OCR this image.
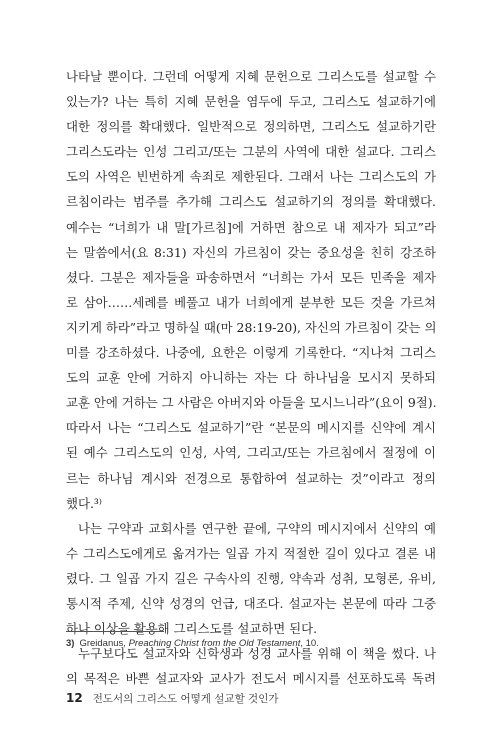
나타날 뿐이다. 그런데 어떻게 지혜 문헌으로 그리스도를 설교할 수
있는가? 나는 특히 지혜 문헌을 염두에 두고, 그리스도 설교하기에
대한 정의를 확대했다. 일반적으로 정의하면, 그리스도 설교하기란
그리스도라는 인성 그리고/또는 그분의 사역에 대한 설교다. 그리스
도의 사역은 빈번하게 속죄로 제한된다. 그래서 나는 그리스도의 가
르침이라는 범주를 추가해 그리스도 설교하기의 정의를 확대했다.
예수는 “너희가 내 말[가르침]에 거하면 참으로 내 제자가 되고”라
는 말씀에서(요 8:31) 자신의 가르침이 갖는 중요성을 친히 강조하
셨다. 그분은 제자들을 파송하면서 “너희는 가서 모든 민족을 제자
로 삼아……세례를 베풀고 내가 너희에게 분부한 모든 것을 가르쳐
지키게 하라”라고 명하실 때(마 28:19-20), 자신의 가르침이 갖는 의
미를 강조하셨다. 나중에, 요한은 이렇게 기록한다. “지나쳐 그리스
도의 교훈 안에 거하지 아니하는 자는 다 하나님을 모시지 못하되
교훈 안에 거하는 그 사람은 아버지와 아들을 모시느니라”(요이 9절).
따라서 나는 “그리스도 설교하기”란 “본문의 메시지를 신약에 계시
된 예수 그리스도의 인성, 사역, 그리고/또는 가르침에서 절정에 이
르는 하나님 계시와 전경으로 통합하여 설교하는 것”이라고 정의
했다.³⁾
나는 구약과 교회사를 연구한 끝에, 구약의 메시지에서 신약의 예
수 그리스도에게로 옮겨가는 일곱 가지 적절한 길이 있다고 결론 내
렸다. 그 일곱 가지 길은 구속사의 진행, 약속과 성취, 모형론, 유비,
통시적 주제, 신약 성경의 언급, 대조다. 설교자는 본문에 따라 그중
하나 이상을 활용해 그리스도를 설교하면 된다.
누구보다도 설교자와 신학생과 성경 교사를 위해 이 책을 썼다. 나
의 목적은 바쁜 설교자와 교사가 전도서 메시지를 선포하도록 독려
3) Greidanus, Preaching Christ from the Old Testament, 10.
12 전도서의 그리스도 어떻게 설교할 것인가
